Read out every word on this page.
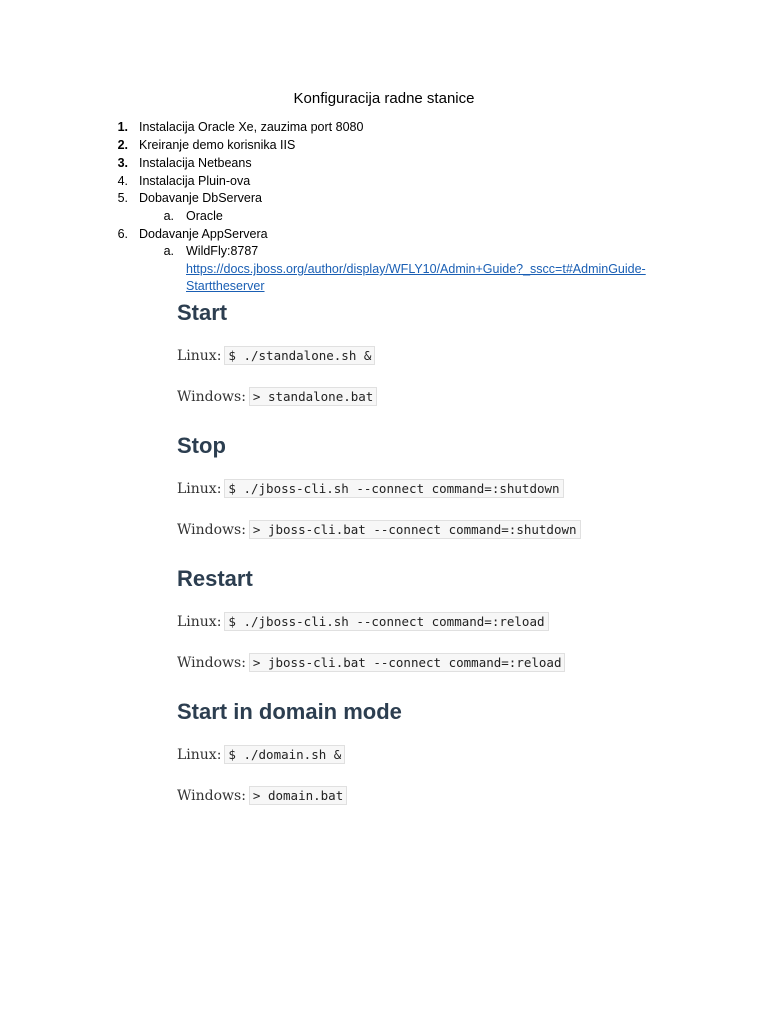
Konfiguracija radne stanice
1. Instalacija Oracle Xe, zauzima port 8080
2. Kreiranje demo korisnika IIS
3. Instalacija Netbeans
4. Instalacija Pluin-ova
5. Dobavanje DbServera
a. Oracle
6. Dodavanje AppServera
a. WildFly:8787
https://docs.jboss.org/author/display/WFLY10/Admin+Guide?_sscc=t#AdminGuide-
Starttheserver
Start
Linux: $ ./standalone.sh &
Windows: > standalone.bat
Stop
Linux: $ ./jboss-cli.sh --connect command=:shutdown
Windows: > jboss-cli.bat --connect command=:shutdown
Restart
Linux: $ ./jboss-cli.sh --connect command=:reload
Windows: > jboss-cli.bat --connect command=:reload
Start in domain mode
Linux: $ ./domain.sh &
Windows: > domain.bat
